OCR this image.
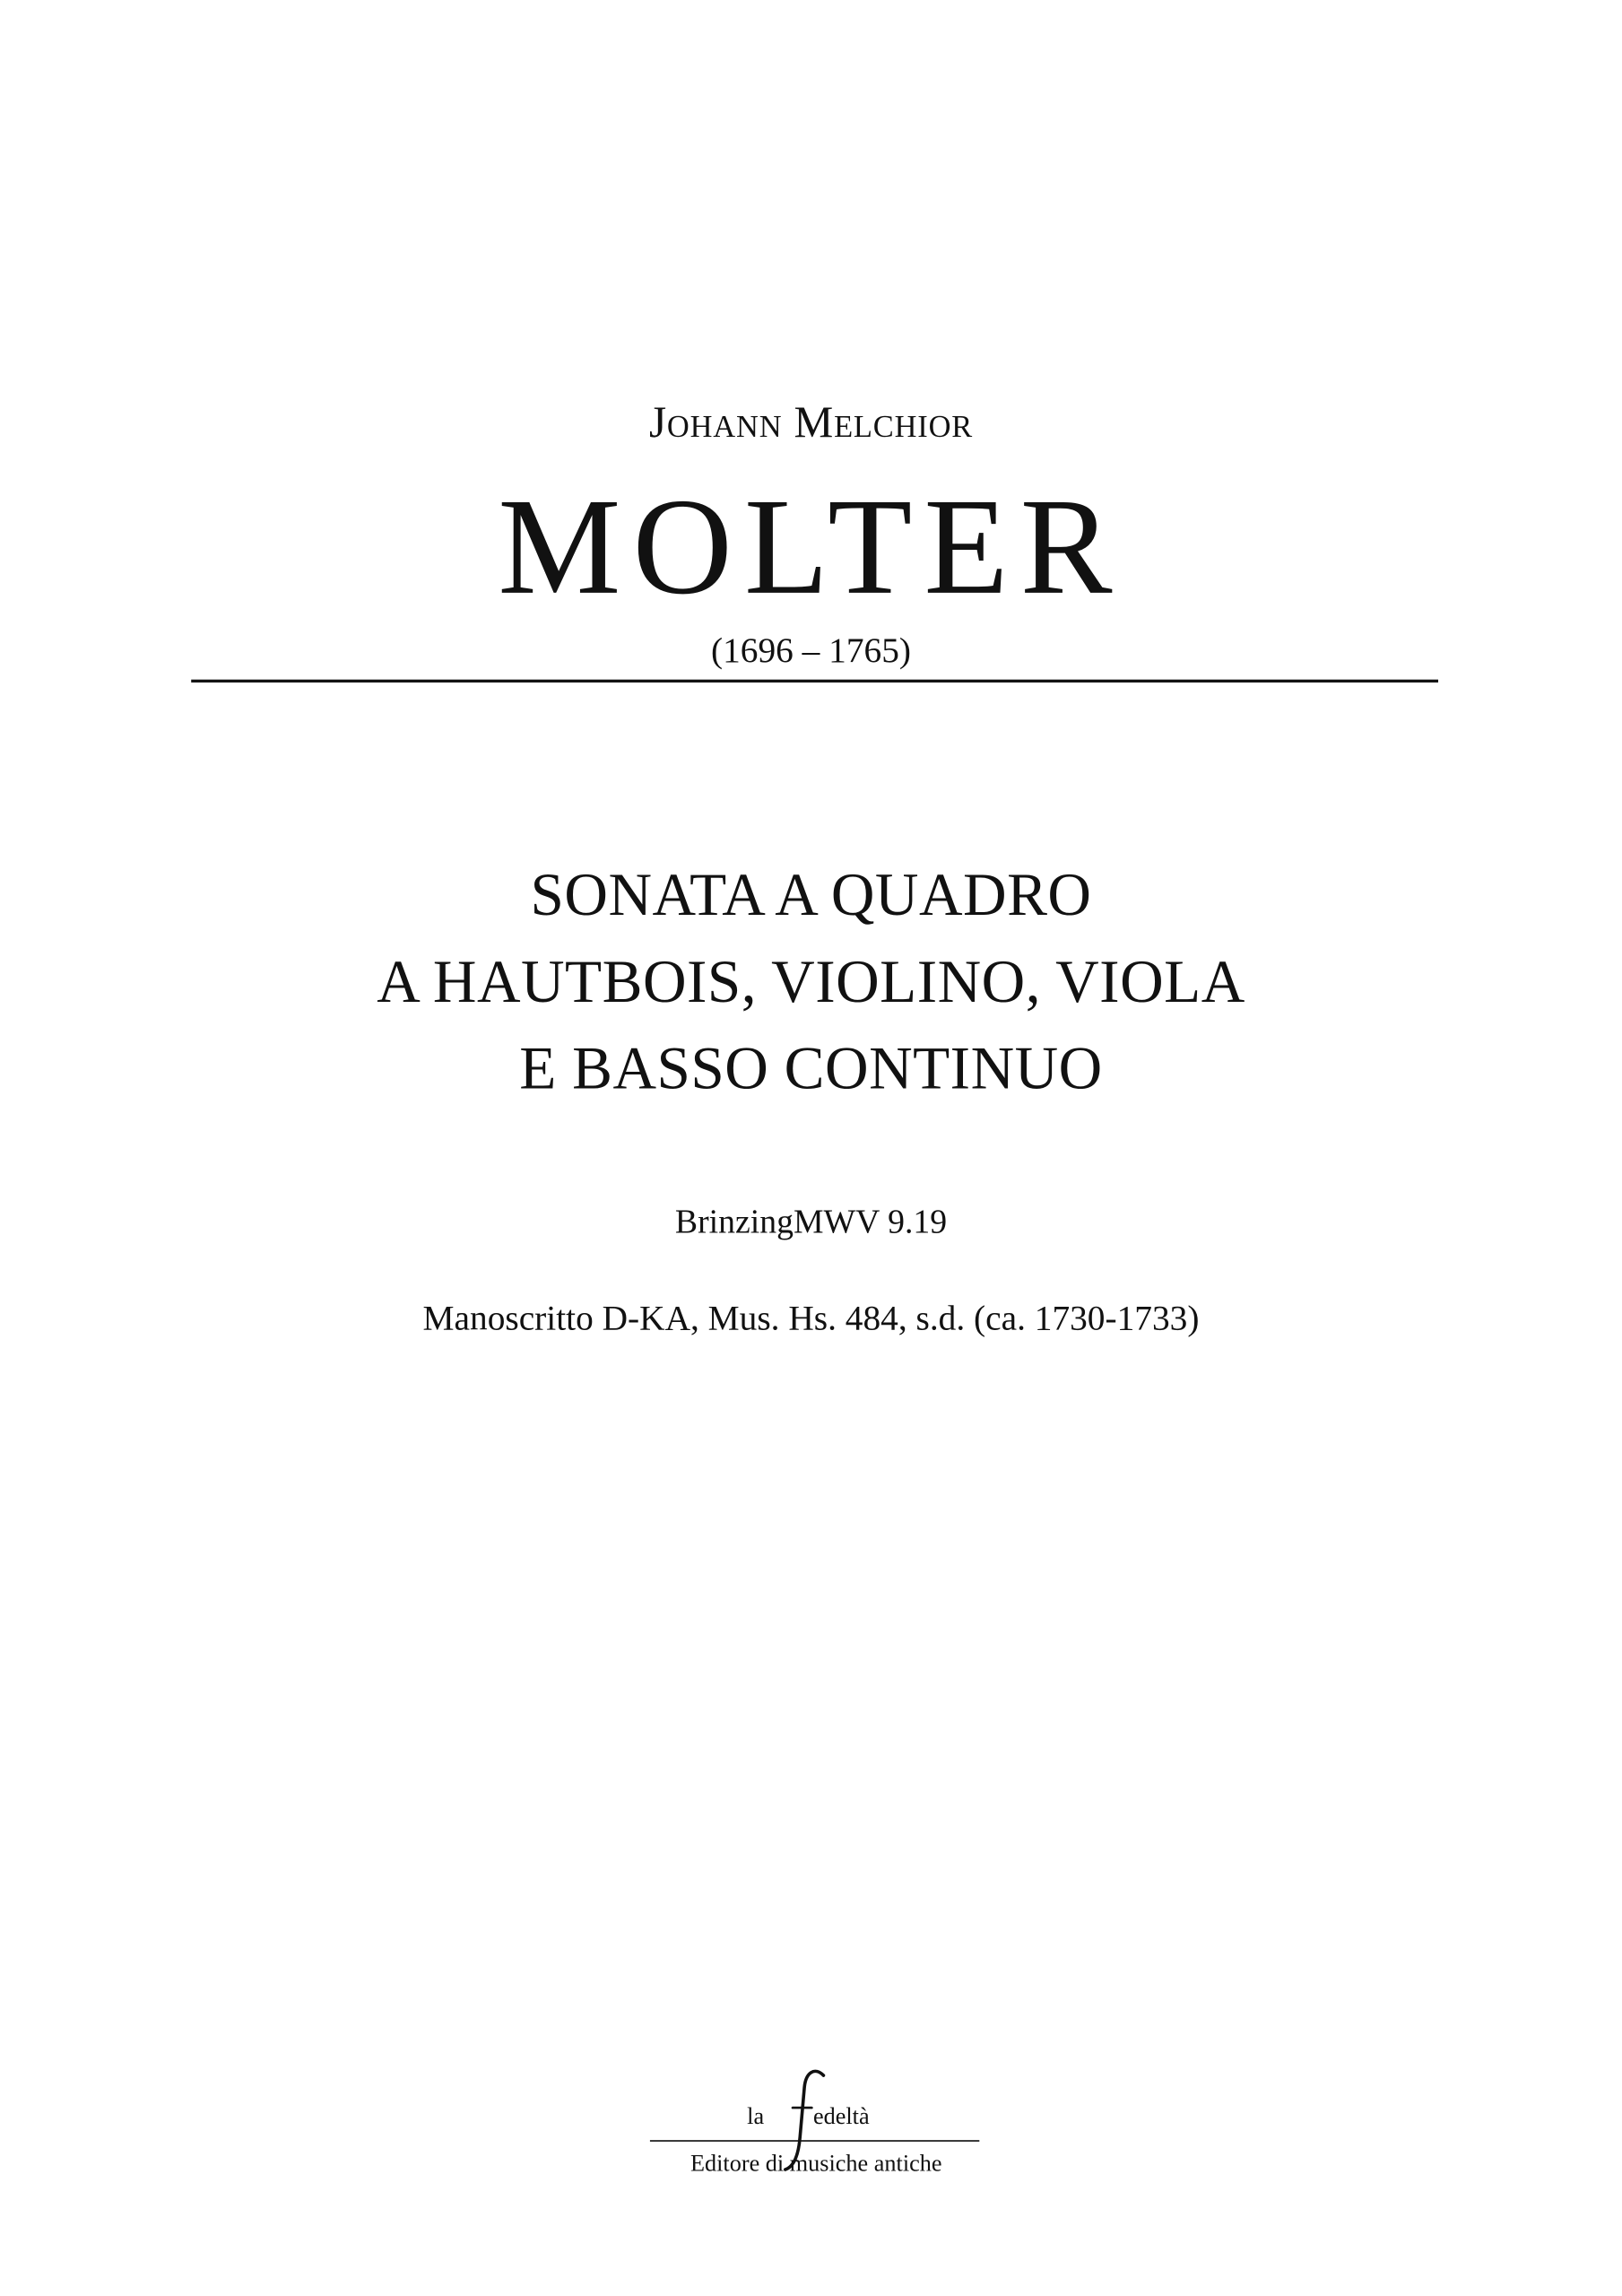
Johann Melchior
MOLTER
(1696 – 1765)
SONATA A QUADRO
A HAUTBOIS, VIOLINO, VIOLA
E BASSO CONTINUO
BrinzingMWV 9.19
Manoscritto D-KA, Mus. Hs. 484, s.d. (ca. 1730-1733)
la	edeltà
Editore di musiche antiche
